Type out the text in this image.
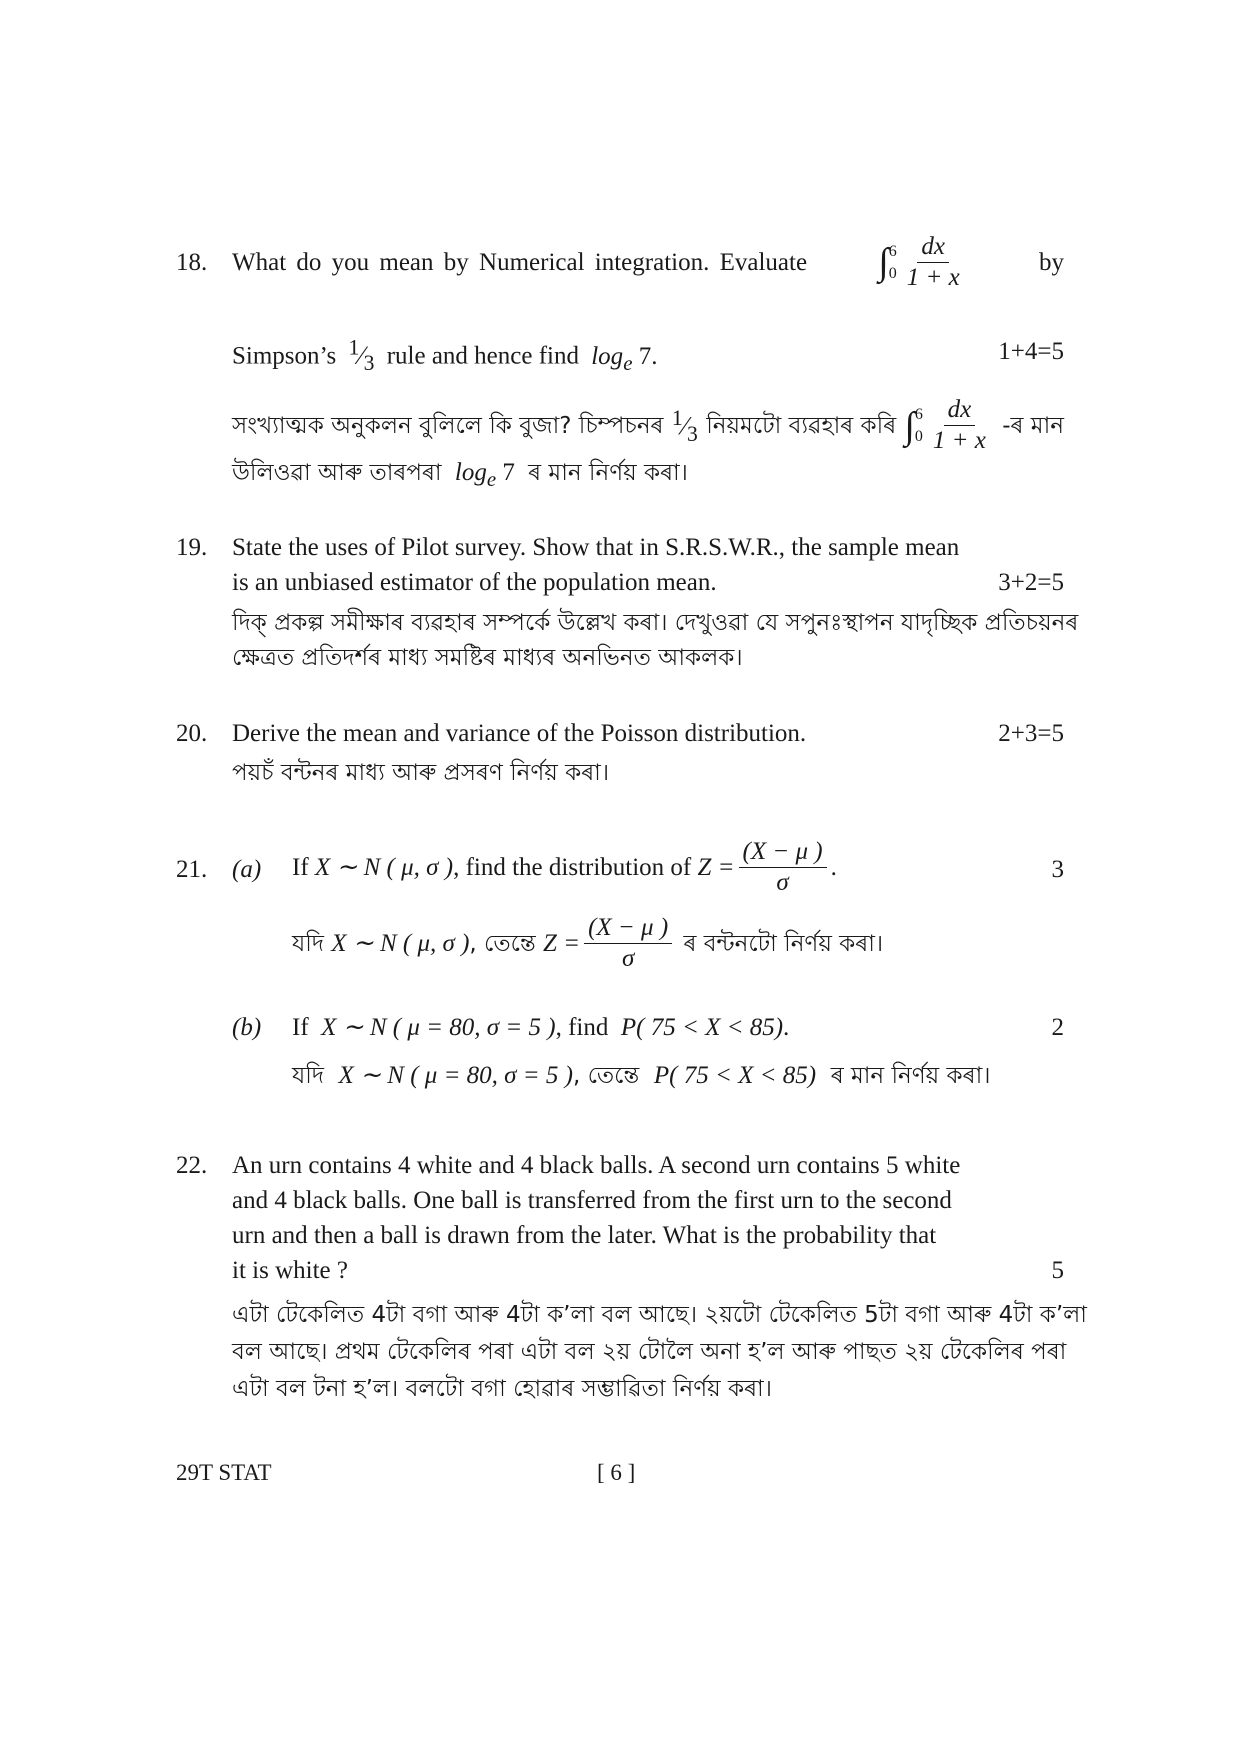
18. What do you mean by Numerical integration. Evaluate ∫ 6
$0 \frac{dx}{1 + x}$	by
Simpson’s $^1⁄_3$ rule and hence find $\log_e 7$.	1+4=5
সংখ্যাত্মক অনুকলন বুলিলে কি বুজা? চিম্পচনৰ $^1⁄_3$ নিয়মটো ব্যৱহাৰ কৰি ∫ 6
$0 \frac{dx}{1 + x}$ -ৰ মান
উলিওৱা আৰু তাৰপৰা $\log_e 7$ ৰ মান নিৰ্ণয় কৰা।
19. State the uses of Pilot survey. Show that in S.R.S.W.R., the sample mean
is an unbiased estimator of the population mean.	3+2=5
দিক্ প্ৰকল্প সমীক্ষাৰ ব্যৱহাৰ সম্পৰ্কে উল্লেখ কৰা। দেখুওৱা যে সপুনঃস্থাপন যাদৃচ্ছিক প্ৰতিচয়নৰ
ক্ষেত্ৰত প্ৰতিদৰ্শৰ মাধ্য সমষ্টিৰ মাধ্যৰ অনভিনত আকলক।
20. Derive the mean and variance of the Poisson distribution.	2+3=5
পয়চঁ বন্টনৰ মাধ্য আৰু প্ৰসৰণ নিৰ্ণয় কৰা।
21. (a) If
X ∼ N ( μ, σ ) , find the distribution of
$Z = \frac{(X - \mu )}{\sigma}$ .	3
যদি
X ∼ N ( μ, σ ) , তেন্তে
$Z = \frac{(X - \mu )}{\sigma}$
ৰ বন্টনটো নিৰ্ণয় কৰা।
(b) If X ∼ N ( μ = 80, σ = 5 ), find P( 75 < X < 85).	2
যদি X ∼ N ( μ = 80, σ = 5 ), তেন্তে P( 75 < X < 85) ৰ মান নিৰ্ণয় কৰা।
22. An urn contains 4 white and 4 black balls. A second urn contains 5 white
and 4 black balls. One ball is transferred from the first urn to the second
urn and then a ball is drawn from the later. What is the probability that
it is white ?	5
এটা টেকেলিত 4টা বগা আৰু 4টা ক’লা বল আছে। ২য়টো টেকেলিত 5টা বগা আৰু 4টা ক’লা
বল আছে। প্ৰথম টেকেলিৰ পৰা এটা বল ২য় টোলৈ অনা হ’ল আৰু পাছত ২য় টেকেলিৰ পৰা
এটা বল টনা হ’ল। বলটো বগা হোৱাৰ সম্ভাৱিতা নিৰ্ণয় কৰা।
29T STAT	[ 6 ]
